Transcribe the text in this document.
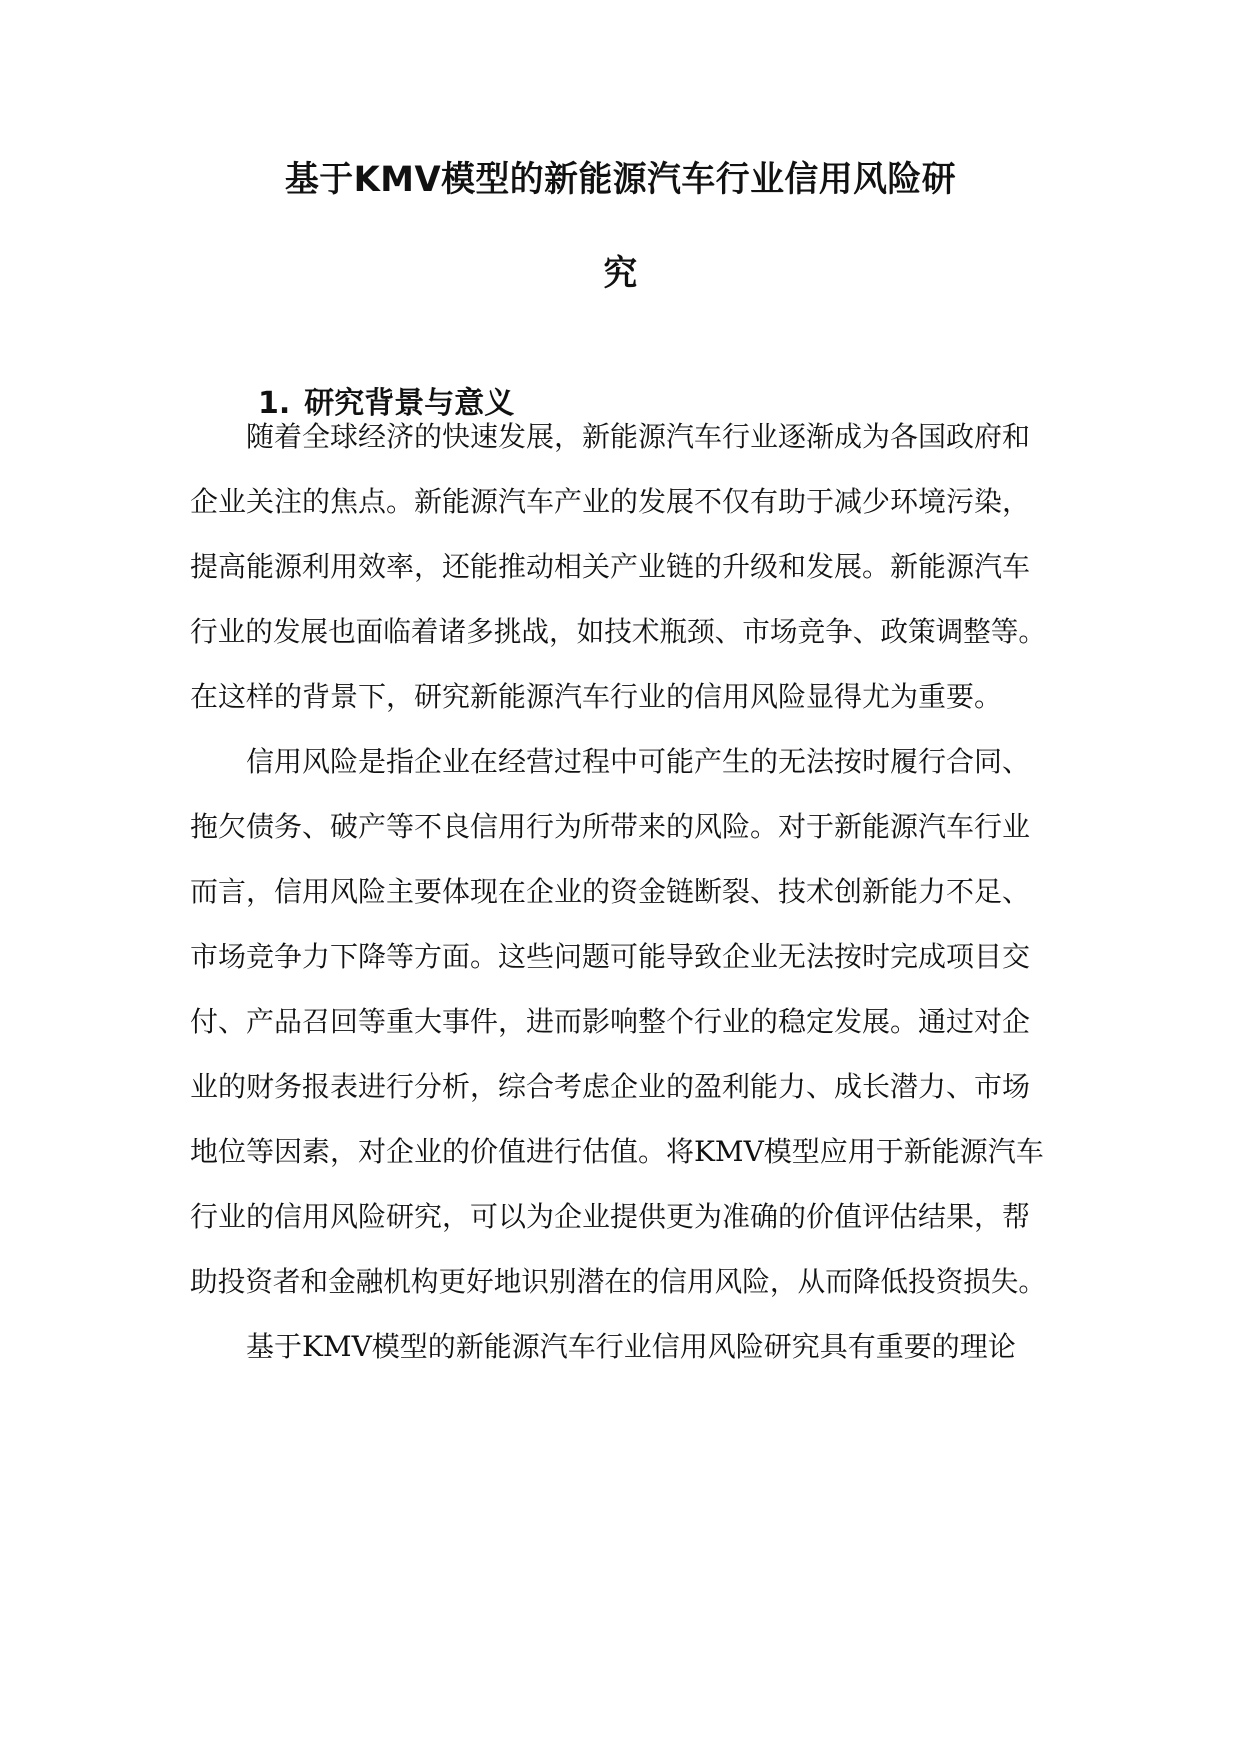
基于KMV模型的新能源汽车行业信用风险研
究
1. 研究背景与意义
随着全球经济的快速发展，新能源汽车行业逐渐成为各国政府和
企业关注的焦点。新能源汽车产业的发展不仅有助于减少环境污染，
提高能源利用效率，还能推动相关产业链的升级和发展。新能源汽车
行业的发展也面临着诸多挑战，如技术瓶颈、市场竞争、政策调整等。
在这样的背景下，研究新能源汽车行业的信用风险显得尤为重要。
信用风险是指企业在经营过程中可能产生的无法按时履行合同、
拖欠债务、破产等不良信用行为所带来的风险。对于新能源汽车行业
而言，信用风险主要体现在企业的资金链断裂、技术创新能力不足、
市场竞争力下降等方面。这些问题可能导致企业无法按时完成项目交
付、产品召回等重大事件，进而影响整个行业的稳定发展。通过对企
业的财务报表进行分析，综合考虑企业的盈利能力、成长潜力、市场
地位等因素，对企业的价值进行估值。将KMV模型应用于新能源汽车
行业的信用风险研究，可以为企业提供更为准确的价值评估结果，帮
助投资者和金融机构更好地识别潜在的信用风险，从而降低投资损失。
基于KMV模型的新能源汽车行业信用风险研究具有重要的理论
